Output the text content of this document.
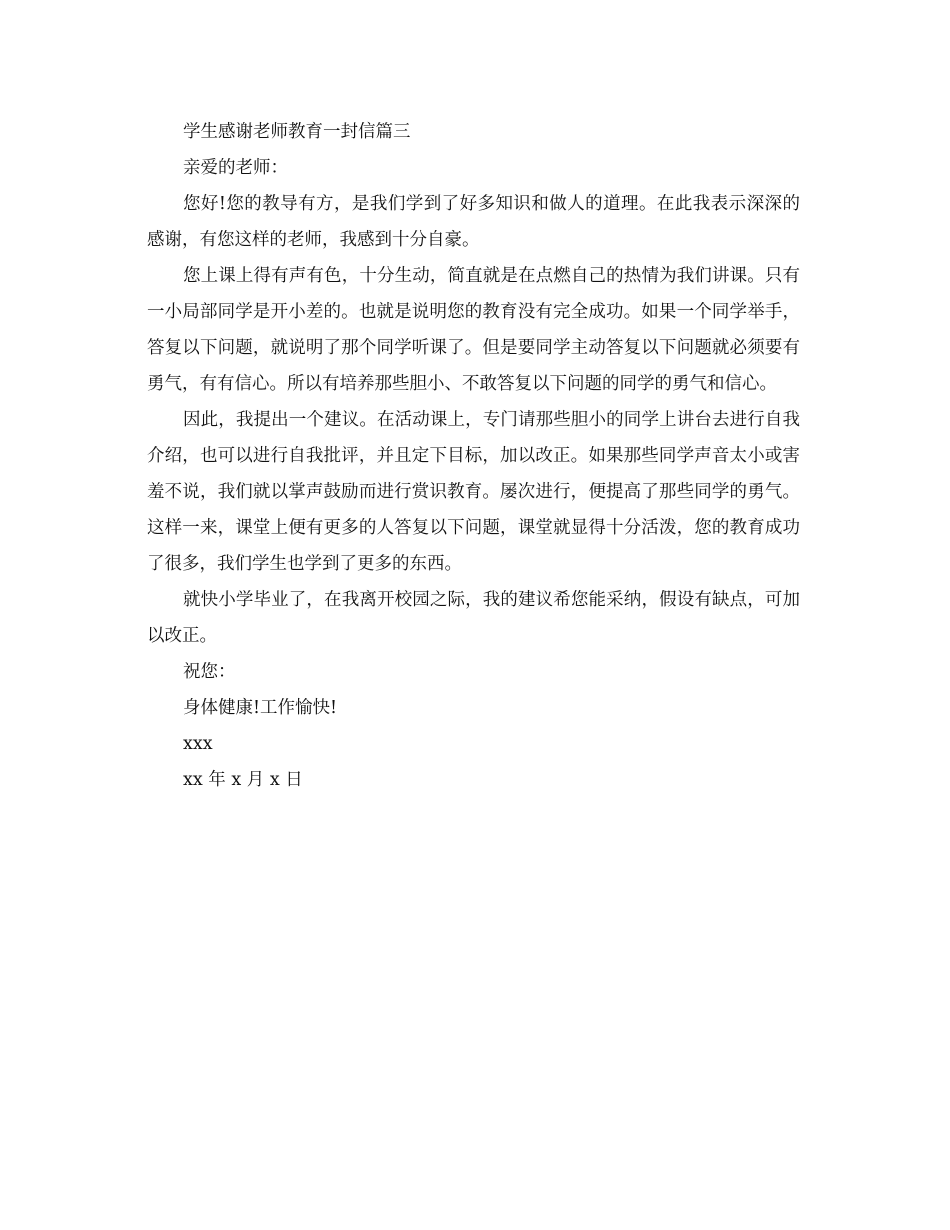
学生感谢老师教育一封信篇三

亲爱的老师：

您好!您的教导有方，是我们学到了好多知识和做人的道理。在此我表示深深的感谢，有您这样的老师，我感到十分自豪。

您上课上得有声有色，十分生动，简直就是在点燃自己的热情为我们讲课。只有一小局部同学是开小差的。也就是说明您的教育没有完全成功。如果一个同学举手，答复以下问题，就说明了那个同学听课了。但是要同学主动答复以下问题就必须要有勇气，有有信心。所以有培养那些胆小、不敢答复以下问题的同学的勇气和信心。

因此，我提出一个建议。在活动课上，专门请那些胆小的同学上讲台去进行自我介绍，也可以进行自我批评，并且定下目标，加以改正。如果那些同学声音太小或害羞不说，我们就以掌声鼓励而进行赏识教育。屡次进行，便提高了那些同学的勇气。这样一来，课堂上便有更多的人答复以下问题，课堂就显得十分活泼，您的教育成功了很多，我们学生也学到了更多的东西。

就快小学毕业了，在我离开校园之际，我的建议希您能采纳，假设有缺点，可加以改正。

祝您：

身体健康!工作愉快!

xxx

xx 年 x 月 x 日
